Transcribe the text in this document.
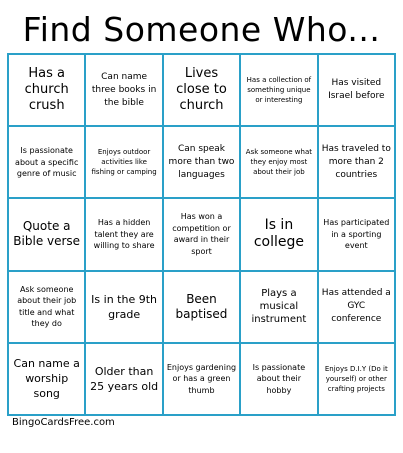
Find Someone Who...
Has a church crush
Can name three books in the bible
Lives close to church
Has a collection of something unique or interesting
Has visited Israel before
Is passionate about a specific genre of music
Enjoys outdoor activities like fishing or camping
Can speak more than two languages
Ask someone what they enjoy most about their job
Has traveled to more than 2 countries
Quote a Bible verse
Has a hidden talent they are willing to share
Has won a competition or award in their sport
Is in college
Has participated in a sporting event
Ask someone about their job title and what they do
Is in the 9th grade
Been baptised
Plays a musical instrument
Has attended a GYC conference
Can name a worship song
Older than 25 years old
Enjoys gardening or has a green thumb
Is passionate about their hobby
Enjoys D.I.Y (Do it yourself) or other crafting projects
BingoCardsFree.com
